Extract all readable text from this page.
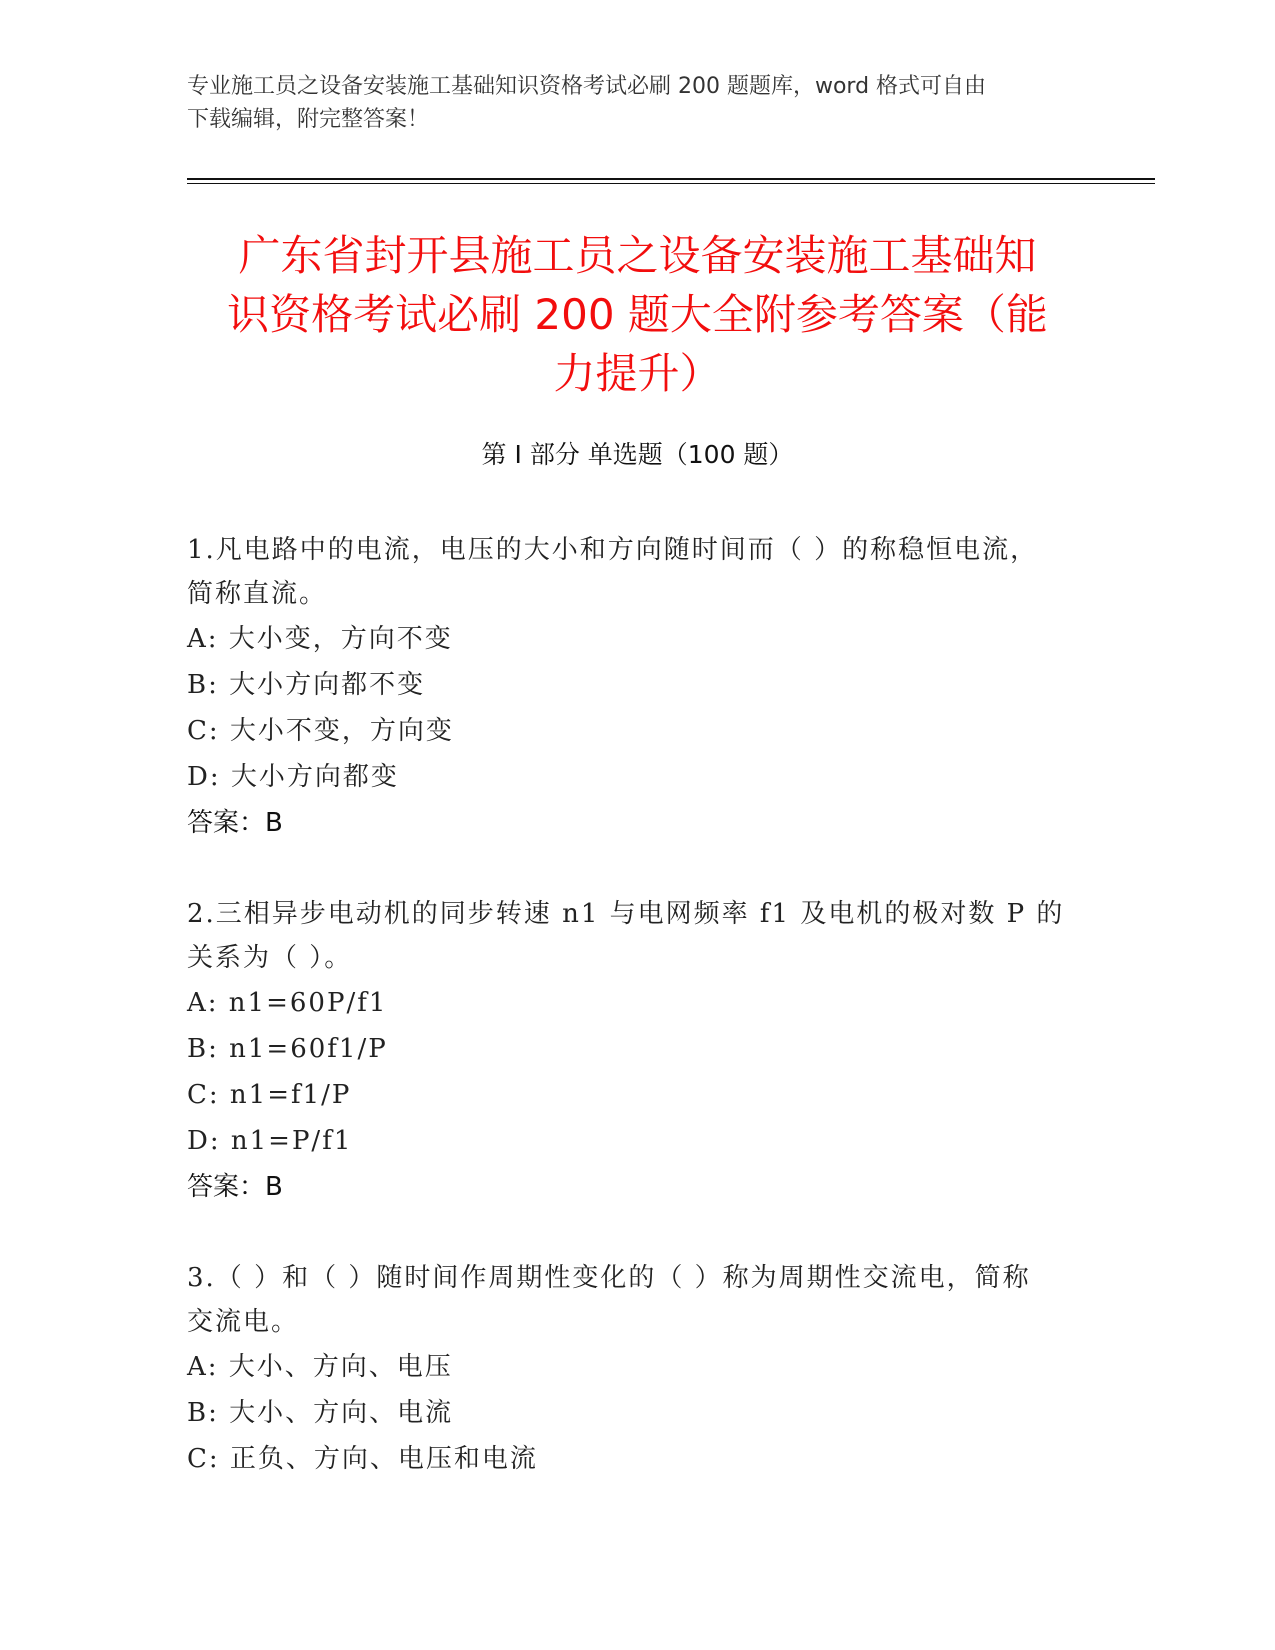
专业施工员之设备安装施工基础知识资格考试必刷 200 题题库，word 格式可自由
下载编辑，附完整答案！
广东省封开县施工员之设备安装施工基础知
识资格考试必刷 200 题大全附参考答案（能
力提升）
第 I 部分 单选题（100 题）
1.凡电路中的电流，电压的大小和方向随时间而（ ）的称稳恒电流，
简称直流。
A: 大小变，方向不变
B: 大小方向都不变
C: 大小不变，方向变
D: 大小方向都变
答案：B
2.三相异步电动机的同步转速 n1 与电网频率 f1 及电机的极对数 P 的
关系为（ ）。
A: n1=60P/f1
B: n1=60f1/P
C: n1=f1/P
D: n1=P/f1
答案：B
3.（ ）和（ ）随时间作周期性变化的（ ）称为周期性交流电，简称
交流电。
A: 大小、方向、电压
B: 大小、方向、电流
C: 正负、方向、电压和电流
